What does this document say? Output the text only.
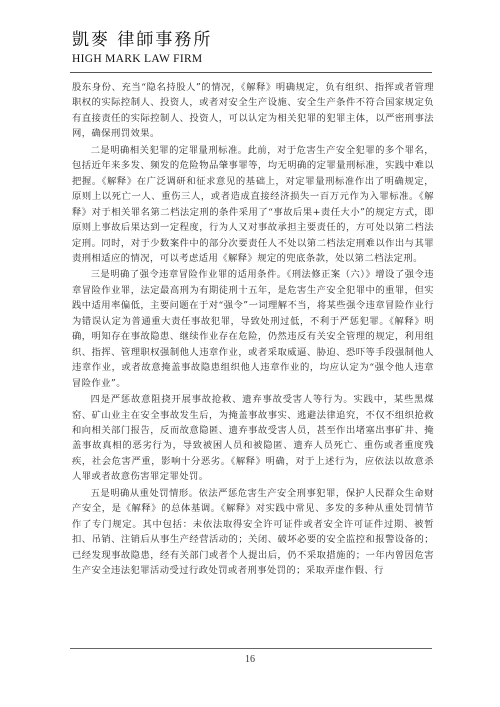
凱麥 律師事務所
HIGH MARK LAW FIRM

股东身份、充当“隐名持股人”的情况，《解释》明确规定，负有组织、指挥或者管理职权的实际控制人、投资人，或者对安全生产设施、安全生产条件不符合国家规定负有直接责任的实际控制人、投资人，可以认定为相关犯罪的犯罪主体，以严密刑事法网，确保刑罚效果。

二是明确相关犯罪的定罪量刑标准。此前，对于危害生产安全犯罪的多个罪名，包括近年来多发、频发的危险物品肇事罪等，均无明确的定罪量刑标准，实践中难以把握。《解释》在广泛调研和征求意见的基础上，对定罪量刑标准作出了明确规定，原则上以死亡一人、重伤三人，或者造成直接经济损失一百万元作为入罪标准。《解释》对于相关罪名第二档法定刑的条件采用了“事故后果+责任大小”的规定方式，即原则上事故后果达到一定程度，行为人又对事故承担主要责任的，方可处以第二档法定刑。同时，对于少数案件中的部分次要责任人不处以第二档法定刑难以作出与其罪责刑相适应的情况，可以考虑适用《解释》规定的兜底条款，处以第二档法定刑。

三是明确了强令违章冒险作业罪的适用条件。《刑法修正案（六）》增设了强令违章冒险作业罪，法定最高刑为有期徒刑十五年，是危害生产安全犯罪中的重罪，但实践中适用率偏低，主要问题在于对“强令”一词理解不当，将某些强令违章冒险作业行为错误认定为普通重大责任事故犯罪，导致处刑过低，不利于严惩犯罪。《解释》明确，明知存在事故隐患、继续作业存在危险，仍然违反有关安全管理的规定，利用组织、指挥、管理职权强制他人违章作业，或者采取威逼、胁迫、恐吓等手段强制他人违章作业，或者故意掩盖事故隐患组织他人违章作业的，均应认定为“强令他人违章冒险作业”。

四是严惩故意阻挠开展事故抢救、遗弃事故受害人等行为。实践中，某些黑煤窑、矿山业主在安全事故发生后，为掩盖事故事实、逃避法律追究，不仅不组织抢救和向相关部门报告，反而故意隐匿、遗弃事故受害人员，甚至作出堵塞出事矿井、掩盖事故真相的恶劣行为，导致被困人员和被隐匿、遗弃人员死亡、重伤或者重度残疾，社会危害严重，影响十分恶劣。《解释》明确，对于上述行为，应依法以故意杀人罪或者故意伤害罪定罪处罚。

五是明确从重处罚情形。依法严惩危害生产安全刑事犯罪，保护人民群众生命财产安全，是《解释》的总体基调。《解释》对实践中常见、多发的多种从重处罚情节作了专门规定。其中包括：未依法取得安全许可证件或者安全许可证件过期、被暂扣、吊销、注销后从事生产经营活动的；关闭、破坏必要的安全监控和报警设备的；已经发现事故隐患，经有关部门或者个人提出后，仍不采取措施的；一年内曾因危害生产安全违法犯罪活动受过行政处罚或者刑事处罚的；采取弄虚作假、行

16
